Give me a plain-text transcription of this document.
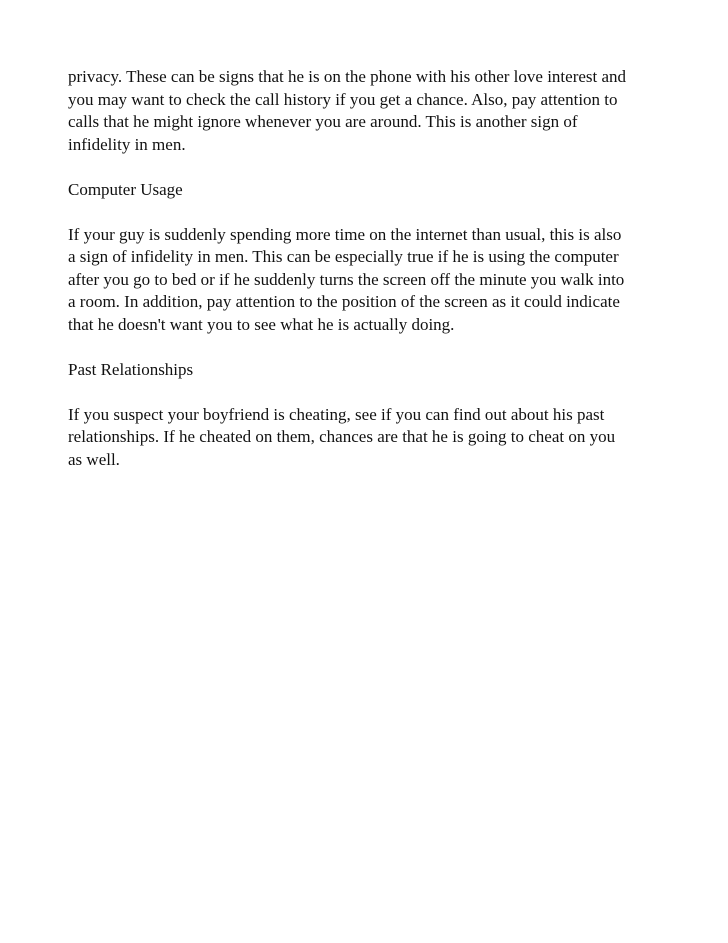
privacy. These can be signs that he is on the phone with his other love interest and
you may want to check the call history if you get a chance. Also, pay attention to
calls that he might ignore whenever you are around. This is another sign of
infidelity in men.

Computer Usage

If your guy is suddenly spending more time on the internet than usual, this is also
a sign of infidelity in men. This can be especially true if he is using the computer
after you go to bed or if he suddenly turns the screen off the minute you walk into
a room. In addition, pay attention to the position of the screen as it could indicate
that he doesn't want you to see what he is actually doing.

Past Relationships

If you suspect your boyfriend is cheating, see if you can find out about his past
relationships. If he cheated on them, chances are that he is going to cheat on you
as well.
